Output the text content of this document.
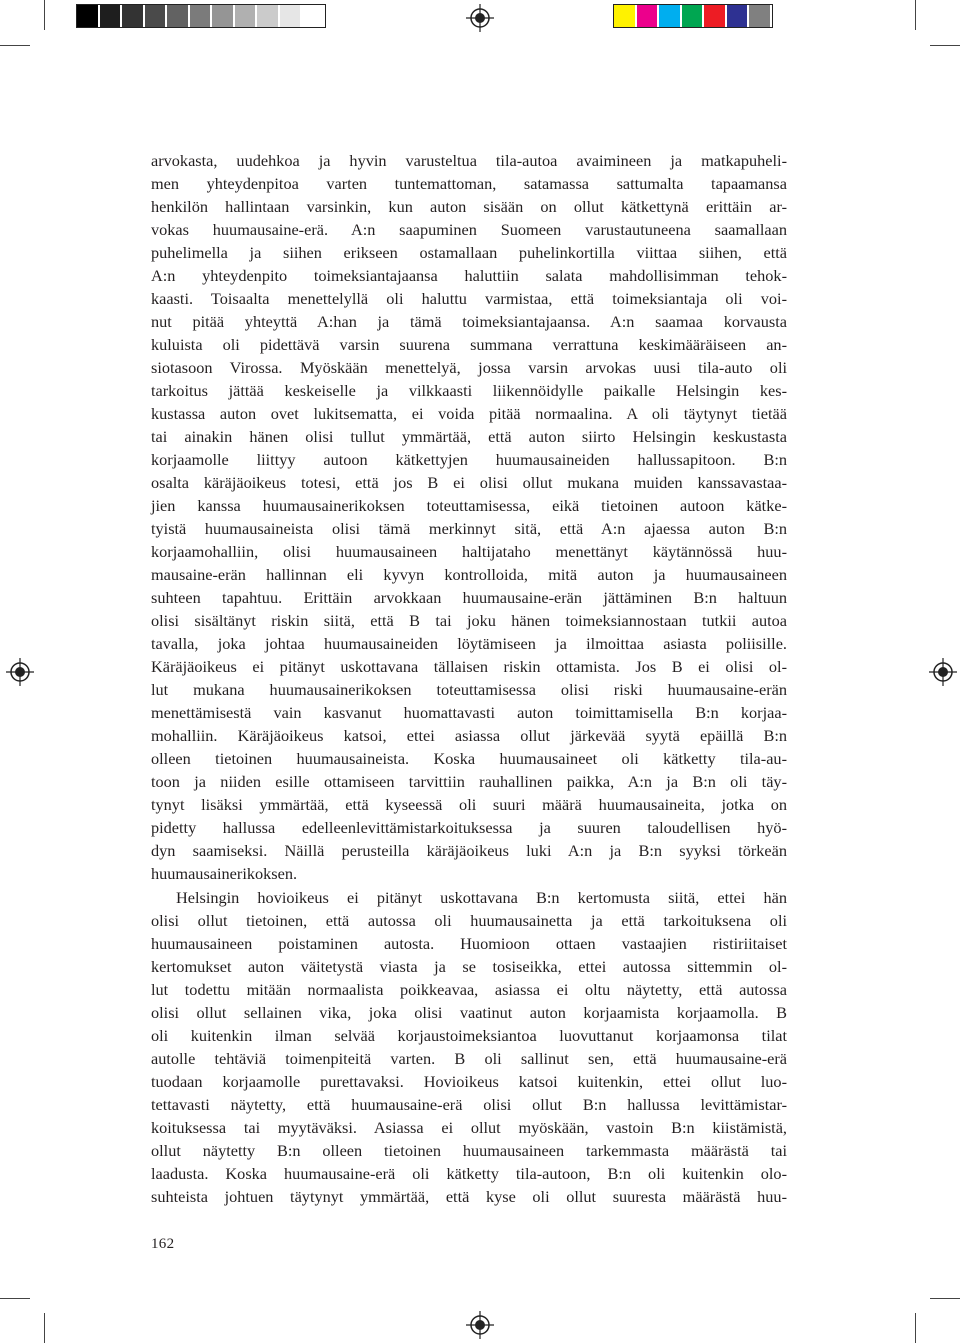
arvokasta, uudehkoa ja hyvin varusteltua tila-autoa avaimineen ja matkapuheli-
men yhteydenpitoa varten tuntemattoman, satamassa sattumalta tapaamansa
henkilön hallintaan varsinkin, kun auton sisään on ollut kätkettynä erittäin ar-
vokas huumausaine-erä. A:n saapuminen Suomeen varustautuneena saamallaan
puhelimella ja siihen erikseen ostamallaan puhelinkortilla viittaa siihen, että
A:n yhteydenpito toimeksiantajaansa haluttiin salata mahdollisimman tehok-
kaasti. Toisaalta menettelyllä oli haluttu varmistaa, että toimeksiantaja oli voi-
nut pitää yhteyttä A:han ja tämä toimeksiantajaansa. A:n saamaa korvausta
kuluista oli pidettävä varsin suurena summana verrattuna keskimääräiseen an-
siotasoon Virossa. Myöskään menettelyä, jossa varsin arvokas uusi tila-auto oli
tarkoitus jättää keskeiselle ja vilkkaasti liikennöidylle paikalle Helsingin kes-
kustassa auton ovet lukitsematta, ei voida pitää normaalina. A oli täytynyt tietää
tai ainakin hänen olisi tullut ymmärtää, että auton siirto Helsingin keskustasta
korjaamolle liittyy autoon kätkettyjen huumausaineiden hallussapitoon. B:n
osalta käräjäoikeus totesi, että jos B ei olisi ollut mukana muiden kanssavastaa-
jien kanssa huumausainerikoksen toteuttamisessa, eikä tietoinen autoon kätke-
tyistä huumausaineista olisi tämä merkinnyt sitä, että A:n ajaessa auton B:n
korjaamohalliin, olisi huumausaineen haltijataho menettänyt käytännössä huu-
mausaine-erän hallinnan eli kyvyn kontrolloida, mitä auton ja huumausaineen
suhteen tapahtuu. Erittäin arvokkaan huumausaine-erän jättäminen B:n haltuun
olisi sisältänyt riskin siitä, että B tai joku hänen toimeksiannostaan tutkii autoa
tavalla, joka johtaa huumausaineiden löytämiseen ja ilmoittaa asiasta poliisille.
Käräjäoikeus ei pitänyt uskottavana tällaisen riskin ottamista. Jos B ei olisi ol-
lut mukana huumausainerikoksen toteuttamisessa olisi riski huumausaine-erän
menettämisestä vain kasvanut huomattavasti auton toimittamisella B:n korjaa-
mohalliin. Käräjäoikeus katsoi, ettei asiassa ollut järkevää syytä epäillä B:n
olleen tietoinen huumausaineista. Koska huumausaineet oli kätketty tila-au-
toon ja niiden esille ottamiseen tarvittiin rauhallinen paikka, A:n ja B:n oli täy-
tynyt lisäksi ymmärtää, että kyseessä oli suuri määrä huumausaineita, jotka on
pidetty hallussa edelleenlevittämistarkoituksessa ja suuren taloudellisen hyö-
dyn saamiseksi. Näillä perusteilla käräjäoikeus luki A:n ja B:n syyksi törkeän
huumausainerikoksen.
Helsingin hovioikeus ei pitänyt uskottavana B:n kertomusta siitä, ettei hän
olisi ollut tietoinen, että autossa oli huumausainetta ja että tarkoituksena oli
huumausaineen poistaminen autosta. Huomioon ottaen vastaajien ristiriitaiset
kertomukset auton väitetystä viasta ja se tosiseikka, ettei autossa sittemmin ol-
lut todettu mitään normaalista poikkeavaa, asiassa ei oltu näytetty, että autossa
olisi ollut sellainen vika, joka olisi vaatinut auton korjaamista korjaamolla. B
oli kuitenkin ilman selvää korjaustoimeksiantoa luovuttanut korjaamonsa tilat
autolle tehtäviä toimenpiteitä varten. B oli sallinut sen, että huumausaine-erä
tuodaan korjaamolle purettavaksi. Hovioikeus katsoi kuitenkin, ettei ollut luo-
tettavasti näytetty, että huumausaine-erä olisi ollut B:n hallussa levittämistar-
koituksessa tai myytäväksi. Asiassa ei ollut myöskään, vastoin B:n kiistämistä,
ollut näytetty B:n olleen tietoinen huumausaineen tarkemmasta määrästä tai
laadusta. Koska huumausaine-erä oli kätketty tila-autoon, B:n oli kuitenkin olo-
suhteista johtuen täytynyt ymmärtää, että kyse oli ollut suuresta määrästä huu-
162
